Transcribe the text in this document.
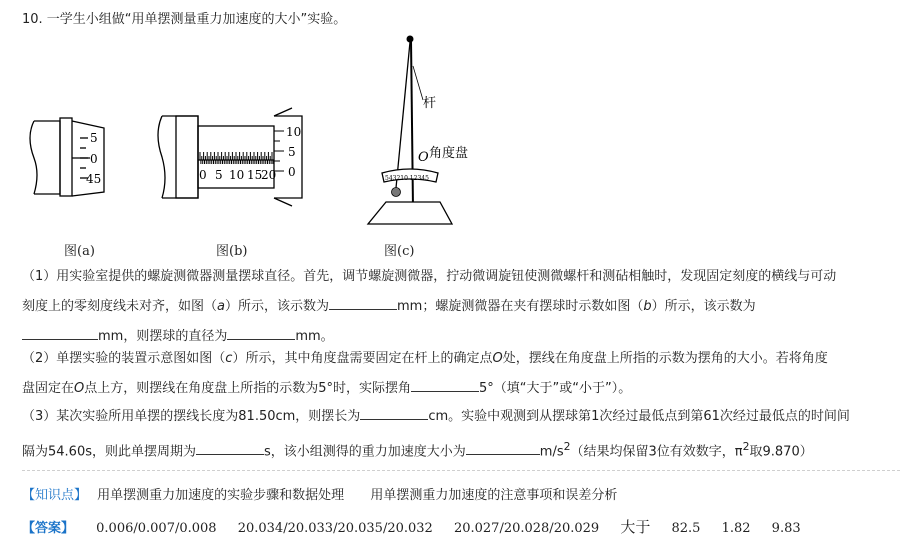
10. 一学生小组做“用单摆测量重力加速度的大小”实验。
5
0
45	0 5 10 15
20
10
5
0
杆
O 角度盘
543210 12345
图(a)	图(b)	图(c)
（1）用实验室提供的螺旋测微器测量摆球直径。首先，调节螺旋测微器，拧动微调旋钮使测微螺杆和测砧相触时，发现固定刻度的横线与可动
刻度上的零刻度线未对齐，如图（a）所示，该示数为	mm；螺旋测微器在夹有摆球时示数如图（b）所示，该示数为
mm，则摆球的直径为	mm。
（2）单摆实验的装置示意图如图（c）所示，其中角度盘需要固定在杆上的确定点O处，摆线在角度盘上所指的示数为摆角的大小。若将角度
盘固定在O点上方，则摆线在角度盘上所指的示数为5°时，实际摆角	5°（填“大于”或“小于”）。
（3）某次实验所用单摆的摆线长度为81.50cm，则摆长为	cm。实验中观测到从摆球第1次经过最低点到第61次经过最低点的时间间
隔为54.60s，则此单摆周期为	s，该小组测得的重力加速度大小为	$m/s^2$（结果均保留3位有效数字，$\pi^2$取9.870）
【知识点】 用单摆测重力加速度的实验步骤和数据处理 用单摆测重力加速度的注意事项和误差分析
【答案】 0.006/0.007/0.008 20.034/20.033/20.035/20.032 20.027/20.028/20.029 大于 82.5 1.82 9.83
